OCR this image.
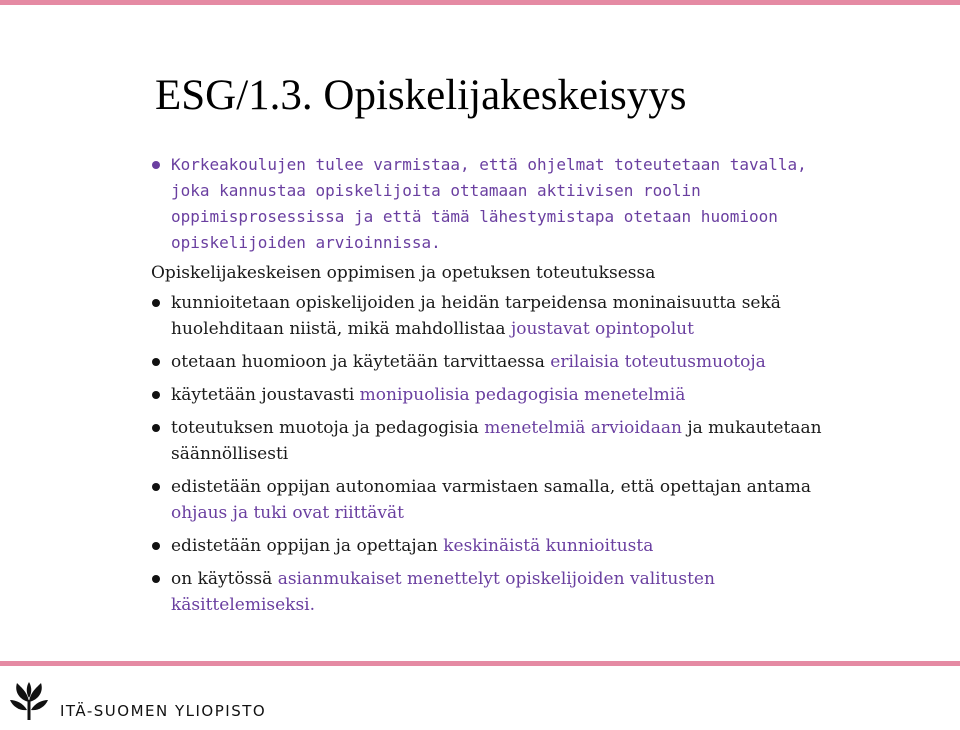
ESG/1.3. Opiskelijakeskeisyys
Korkeakoulujen tulee varmistaa, että ohjelmat toteutetaan tavalla, joka kannustaa opiskelijoita ottamaan aktiivisen roolin oppimisprosessissa ja että tämä lähestymistapa otetaan huomioon opiskelijoiden arvioinnissa.
Opiskelijakeskeisen oppimisen ja opetuksen toteutuksessa
kunnioitetaan opiskelijoiden ja heidän tarpeidensa moninaisuutta sekä huolehditaan niistä, mikä mahdollistaa joustavat opintopolut
otetaan huomioon ja käytetään tarvittaessa erilaisia toteutusmuotoja
käytetään joustavasti monipuolisia pedagogisia menetelmiä
toteutuksen muotoja ja pedagogisia menetelmiä arvioidaan ja mukautetaan säännöllisesti
edistetään oppijan autonomiaa varmistaen samalla, että opettajan antama ohjaus ja tuki ovat riittävät
edistetään oppijan ja opettajan keskinäistä kunnioitusta
on käytössä asianmukaiset menettelyt opiskelijoiden valitusten käsittelemiseksi.
ITÄ-SUOMEN YLIOPISTO
